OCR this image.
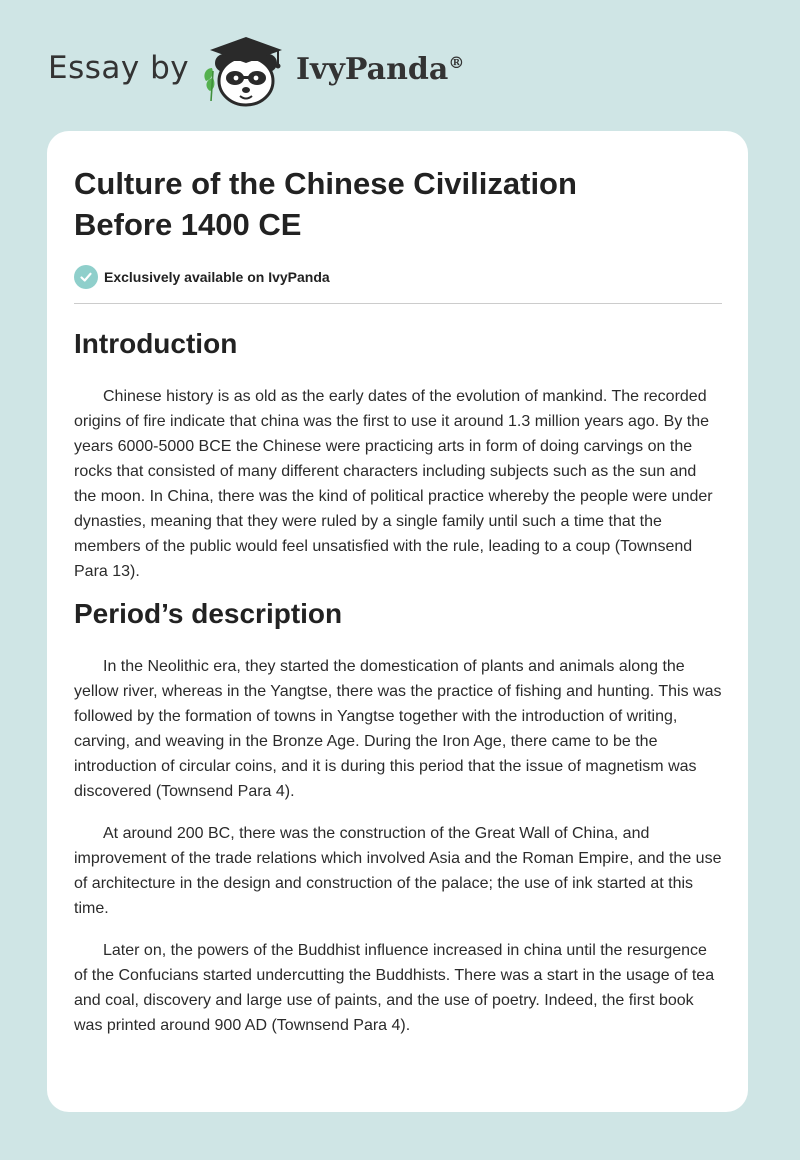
Essay by	IvyPanda®
Culture of the Chinese Civilization Before 1400 CE
Exclusively available on IvyPanda
Introduction

Chinese history is as old as the early dates of the evolution of mankind. The recorded origins of fire indicate that china was the first to use it around 1.3 million years ago. By the years 6000-5000 BCE the Chinese were practicing arts in form of doing carvings on the rocks that consisted of many different characters including subjects such as the sun and the moon. In China, there was the kind of political practice whereby the people were under dynasties, meaning that they were ruled by a single family until such a time that the members of the public would feel unsatisfied with the rule, leading to a coup (Townsend Para 13).

Period’s description

In the Neolithic era, they started the domestication of plants and animals along the yellow river, whereas in the Yangtse, there was the practice of fishing and hunting. This was followed by the formation of towns in Yangtse together with the introduction of writing, carving, and weaving in the Bronze Age. During the Iron Age, there came to be the introduction of circular coins, and it is during this period that the issue of magnetism was discovered (Townsend Para 4).

At around 200 BC, there was the construction of the Great Wall of China, and improvement of the trade relations which involved Asia and the Roman Empire, and the use of architecture in the design and construction of the palace; the use of ink started at this time.

Later on, the powers of the Buddhist influence increased in china until the resurgence of the Confucians started undercutting the Buddhists. There was a start in the usage of tea and coal, discovery and large use of paints, and the use of poetry. Indeed, the first book was printed around 900 AD (Townsend Para 4).
